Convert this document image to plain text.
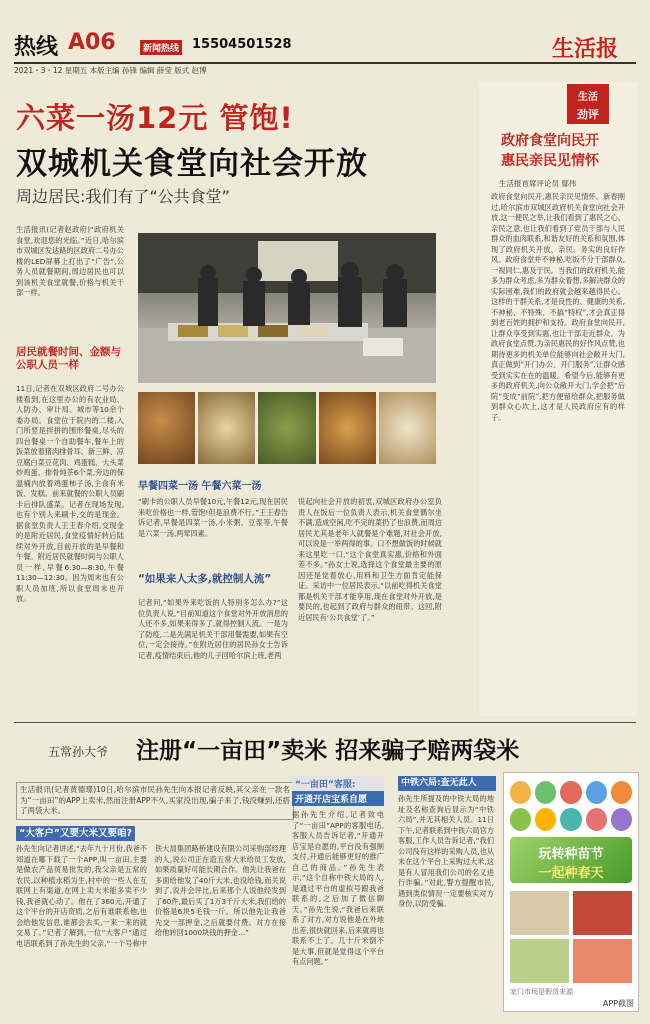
热线 A06	新闻热线 15504501528	生活报
2021・3・12 星期五 本版主编 孙锋 编辑 薛莹 版式 赵博
六菜一汤12元 管饱!
双城机关食堂向社会开放
周边居民:我们有了“公共食堂”
生活报讯(记者赵政府)“政府机关食堂,欢迎您的光临。”近日,哈尔滨市双城区发达路的区政府二号办公楼的LED屏幕上打出了“广告”,公务人员就餐期间,周边居民也可以到该机关食堂就餐,价格与机关干部一样。
居民就餐时间、金额与公职人员一样
11日,记者在双城区政府二号办公楼看到,在这里办公的有农业局、人防办、审计局、城市等10余个委办局。食堂位于院内的二楼,入门所竖是拌拼的围形餐桌,尽头的四台餐桌一个自助餐车,餐车上的饭菜放着猪肉排骨耳、新三鲜、凉豆腐白菜豆花肉、鸡蛋糕、大头菜炒鸡蛋、排骨炖茶6个菜,旁边的保温桶内放着鸡蛋柿子汤,主食有米饭、发糕。前来就餐的公职人员刷卡后排队盛菜。记者在现场发现,也有个别人来刷卡,交的是现金。据食堂负责人王王春介绍,交现金的是附近居民,食堂疫情好转后陆续对外开放,目前开放的是早餐和午餐。附近居民就餐时间与公职人员一样,早餐6:30—8:30,午餐11:30—12:30。因为周末也有公职人员加班,所以食堂周末也开放。
早餐四菜一汤 午餐六菜一汤
“刷卡的公职人员早餐10元,午餐12元,现在居民来吃价格也一样,管饱!但是浪费不行。”王王春告诉记者,早餐是四菜一汤,小米粥、豆浆等,午餐是六菜一汤,两荤四素。
“如果来人太多,就控制人流”
记者问,“如果外来吃饭的人特别多怎么办?”这位负责人说,“目前知道这个食堂对外开放消息的人还不多,如果来得多了,就得控制人流。一是为了防疫,二是先满足机关干部用餐需要,如果有空位,一定会接待。”在附近居住的居民孙女士告诉记者,疫情结束后,他的儿子回哈尔滨上班,老两
说起向社会开放的初衷,双城区政府办公室负责人在饭后一位负责人表示,机关食堂偶尔坐不满,造成空闲,吃不完的菜扔了也浪费,而周边居民尤其是老年人就餐是个难题,对社会开放,可以说是一举两得的事。口不想做饭的时候就来这里吃一口,“这个食堂真实惠,价格和外面差不多。”孙女士说,选择这个食堂最主要的原因还是觉着放心,用料和卫生方面肯定能保证。采访中一位居民表示,“以前吃得机关食堂都是机关干部才能享用,现在食堂对外开放,是要民的,也起到了政府与群众的纽带。这回,附近居民有‘公共食堂’了。”
生活
劲评
政府食堂向民开
惠民亲民见情怀
生活报首席评论员 鄢伟
政府食堂向民开,惠民亲民见情怀。新春刚过,哈尔滨市双城区政府机关食堂向社会开放,这一便民之举,让我们看到了惠民之心、亲民之意,也让我们看到了党员干部与人民群众的血肉联系,和谐友好的关系和氛围,体现了政府机关开放、亲民、务实的良好作风。政府食堂并不神秘,吃饭不分干部群众,一视同仁,惠及于民。当我们的政府机关,能多为群众考虑,多为群众着想,多解决群众的实际困难,我们的政府就会越来越得民心。这样的干群关系,才是良性的、健康的关系,不神秘、不特殊、不搞“特权”,才会真正得到老百姓的拥护和支持。政府食堂向民开,让群众享受到实惠,也让干部走近群众。为政府食堂点赞,为亲民惠民的好作风点赞,也期待更多的机关单位能够向社会敞开大门,真正做到“开门办公、开门服务”,让群众感受到实实在在的温暖。希望今后,能够有更多的政府机关,向公众敞开大门,学会把“后院”变成“前院”,把方便留给群众,把服务做到群众心坎上,这才是人民政府应有的样子。
五常孙大爷 注册“一亩田”卖米 招来骗子赔两袋米
生活报讯(记者黄德璟)10日,哈尔滨市民孙先生向本报记者反映,其父亲在一款名为“一亩田”的APP上卖米,然而注册APP不久,买家没出现,骗子来了,钱没赚到,还搭了两袋大米。
“大客户”又要大米又要咱?
孙先生向记者讲述,“去年九十月份,我爸不知道在哪下载了一个APP,叫一亩田,主要是做农产品贸易批发的,我父亲是五常的农民,以种植水稻为生,村中的一些人在互联网上有渠道,在网上卖大米能多卖不少钱,我爸就心动了。他在了360元,开通了这个平台的开店资质,之后有谁联系他,也会给他发信息,谁都会去买,一来一来的就交易了。”记者了解到,一位“大客户”通过电话联系到了孙先生的父亲,“一个号称中铁大局集团路桥建设有限公司采购部经理的人,说公司正在造五常大米给员工发放,如果质量好可能长期合作。他先让我爸在多面给他发了40斤大米,也没给钱,而关说到了,说并会评比,后来那个人说他经发到了60件,最后买了1万3千斤大米,我们给的价格是6块5毛钱一斤。所以他先让我爸先交一部押金,之后就要付费。对方在接给他转回1000块钱的押金…”
“一亩田”客服:
开通开店宝系自愿
据孙先生介绍,记者致电了“一亩田”APP的客服电话,客服人员告诉记者,“开通开店宝是自愿的,平台没有强制支付,开通后能够更好的推广自己的商品。”孙先生表示,“这个自称中铁大局的人,是通过平台的虚拟号跟我爸联系的,之后加了微信聊天。”孙先生说,“我爸后来联系了对方,对方说他是在外地出差,很快就回来,后来就再也联系不上了。几十斤米倒不是大事,但就是觉得这个平台有点问题。”
中铁六局:查无此人
孙先生所提及的中铁大局的地址及名称查询后显示为“中铁六局”,并无其相关人员。11日下午,记者联系到中铁六局官方客服,工作人员告诉记者,“我们公司没有这样的采购人员,也从未在这个平台上采购过大米,这是有人冒用我们公司的名义进行诈骗。”对此,警方提醒市民,遇到类似情况一定要核实对方身份,以防受骗。
玩转种苗节
一起种春天
家门市场是假货来源
APP截图
